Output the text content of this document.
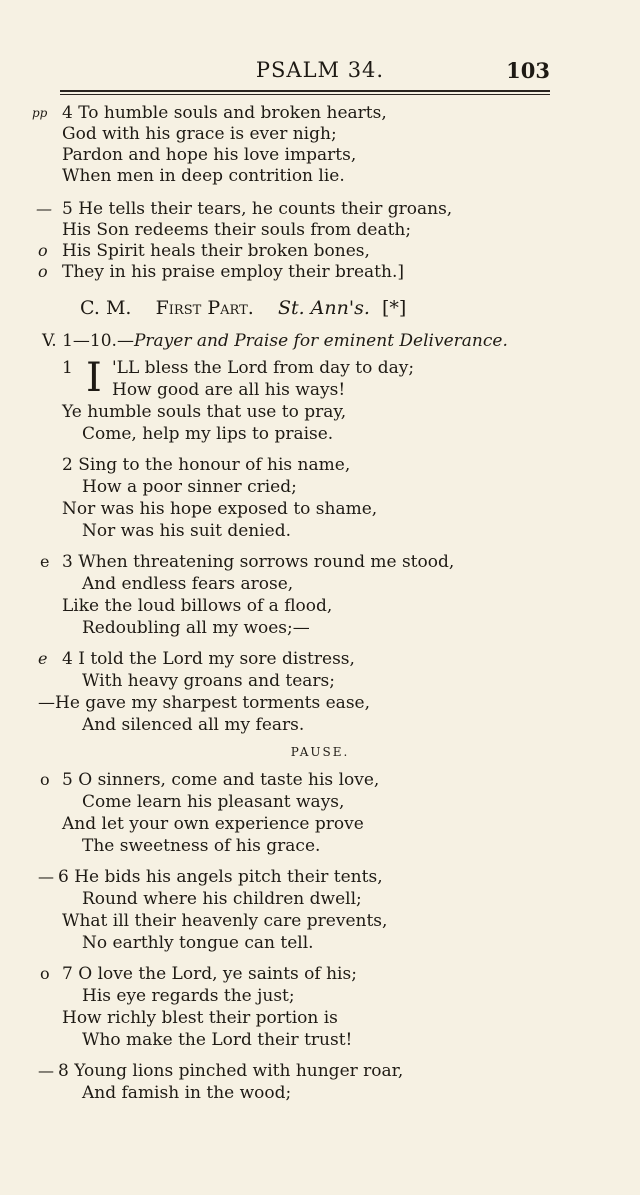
PSALM 34.	103
𝑝𝑝 4 To humble souls and broken hearts,
God with his grace is ever nigh;
Pardon and hope his love imparts,
When men in deep contrition lie.
— 5 He tells their tears, he counts their groans,
His Son redeems their souls from death;
o His Spirit heals their broken bones,
o They in his praise employ their breath.]
C. M. First Part. St. Ann's. [*]
V. 1—10.—Prayer and Praise for eminent Deliverance.
1 I 'LL bless the Lord from day to day;
How good are all his ways!
Ye humble souls that use to pray,
Come, help my lips to praise.
2 Sing to the honour of his name,
How a poor sinner cried;
Nor was his hope exposed to shame,
Nor was his suit denied.
e 3 When threatening sorrows round me stood,
And endless fears arose,
Like the loud billows of a flood,
Redoubling all my woes;—
e 4 I told the Lord my sore distress,
With heavy groans and tears;
—He gave my sharpest torments ease,
And silenced all my fears.
PAUSE.
o 5 O sinners, come and taste his love,
Come learn his pleasant ways,
And let your own experience prove
The sweetness of his grace.
— 6 He bids his angels pitch their tents,
Round where his children dwell;
What ill their heavenly care prevents,
No earthly tongue can tell.
o 7 O love the Lord, ye saints of his;
His eye regards the just;
How richly blest their portion is
Who make the Lord their trust!
— 8 Young lions pinched with hunger roar,
And famish in the wood;
